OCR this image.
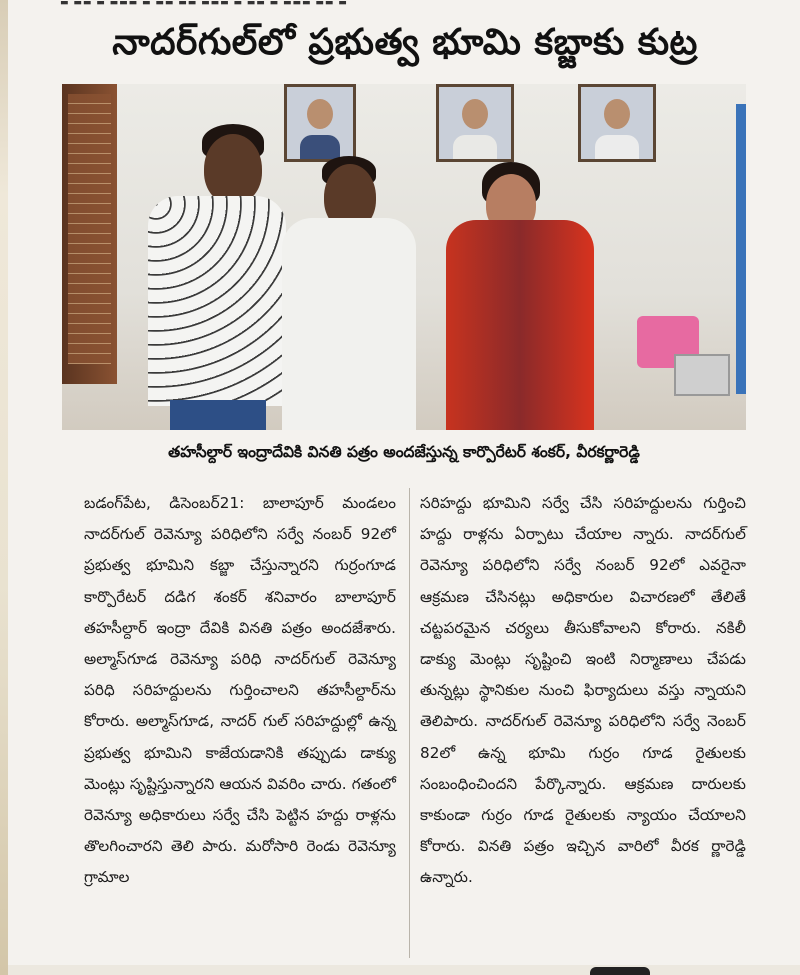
▬ ▬▬ ▬ ▬▬▬ ▬ ▬▬ ▬▬ ▬▬▬ ▬ ▬▬ ▬ ▬▬▬ ▬▬ ▬
నాదర్‌గుల్‌లో ప్రభుత్వ భూమి కబ్జాకు కుట్ర
తహసీల్దార్ ఇంద్రాదేవికి వినతి పత్రం అందజేస్తున్న కార్పొరేటర్ శంకర్, వీరకర్ణారెడ్డి
బడంగ్‌పేట, డిసెంబర్21: బాలాపూర్ మండలం నాదర్‌గుల్ రెవెన్యూ పరిధిలోని సర్వే నంబర్ 92లో ప్రభుత్వ భూమిని కబ్జా చేస్తున్నారని గుర్రంగూడ కార్పొరేటర్ దడిగ శంకర్ శనివారం బాలాపూర్ తహసీల్దార్ ఇంద్రా దేవికి వినతి పత్రం అందజేశారు. అల్మాస్‌గూడ రెవెన్యూ పరిధి నాదర్‌గుల్ రెవెన్యూ పరిధి సరిహద్దులను గుర్తించాలని తహసీల్దార్‌ను కోరారు. అల్మాస్‌గూడ, నాదర్ గుల్ సరిహద్దుల్లో ఉన్న ప్రభుత్వ భూమిని కాజేయడానికి తప్పుడు డాక్యు మెంట్లు సృష్టిస్తున్నారని ఆయన వివరిం చారు. గతంలో రెవెన్యూ అధికారులు సర్వే చేసి పెట్టిన హద్దు రాళ్లను తొలగించారని తెలి పారు. మరోసారి రెండు రెవెన్యూ గ్రామాల
సరిహద్దు భూమిని సర్వే చేసి సరిహద్దులను గుర్తించి హద్దు రాళ్లను ఏర్పాటు చేయాల న్నారు. నాదర్‌గుల్ రెవెన్యూ పరిధిలోని సర్వే నంబర్ 92లో ఎవరైనా ఆక్రమణ చేసినట్లు అధికారుల విచారణలో తేలితే చట్టపరమైన చర్యలు తీసుకోవాలని కోరారు. నకిలీ డాక్యు మెంట్లు సృష్టించి ఇంటి నిర్మాణాలు చేపడు తున్నట్లు స్థానికుల నుంచి ఫిర్యాదులు వస్తు న్నాయని తెలిపారు. నాదర్‌గుల్ రెవెన్యూ పరిధిలోని సర్వే నెంబర్ 82లో ఉన్న భూమి గుర్రం గూడ రైతులకు సంబంధించిందని పేర్కొన్నారు. ఆక్రమణ దారులకు కాకుండా గుర్రం గూడ రైతులకు న్యాయం చేయాలని కోరారు. వినతి పత్రం ఇచ్చిన వారిలో వీరక ర్ణారెడ్డి ఉన్నారు.
